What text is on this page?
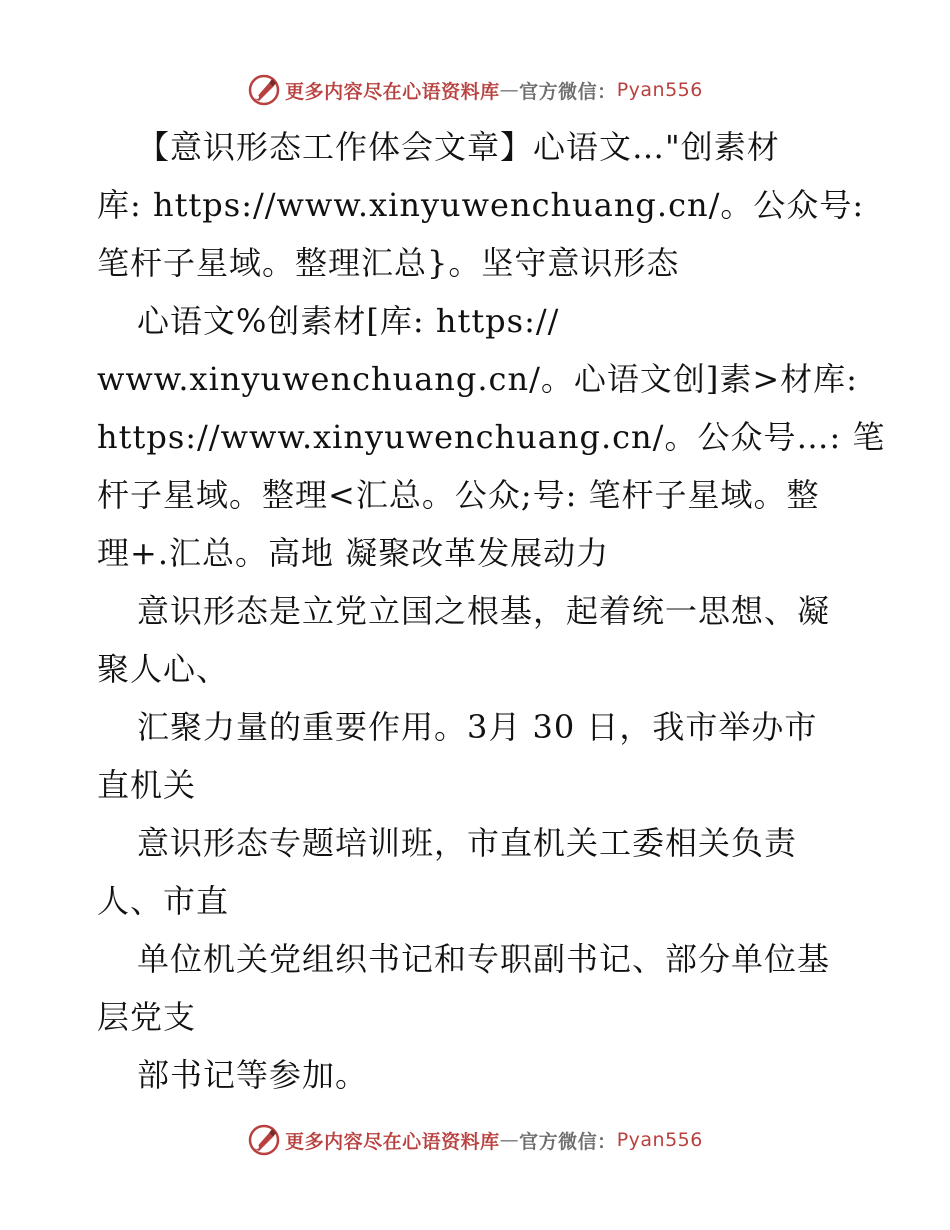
更多内容尽在心语资料库 — 官方微信： Pyan556
【意识形态工作体会文章】心语文…"创素材
库: https://www.xinyuwenchuang.cn/。公众号:
笔杆子星域。整理汇总}。坚守意识形态
心语文%创素材[库: https://
www.xinyuwenchuang.cn/。心语文创]素>材库:
https://www.xinyuwenchuang.cn/。公众号…: 笔
杆子星域。整理<汇总。公众;号: 笔杆子星域。整
理+.汇总。高地 凝聚改革发展动力
意识形态是立党立国之根基，起着统一思想、凝
聚人心、
汇聚力量的重要作用。3月 30 日，我市举办市
直机关
意识形态专题培训班，市直机关工委相关负责
人、市直
单位机关党组织书记和专职副书记、部分单位基
层党支
部书记等参加。
更多内容尽在心语资料库 — 官方微信： Pyan556
